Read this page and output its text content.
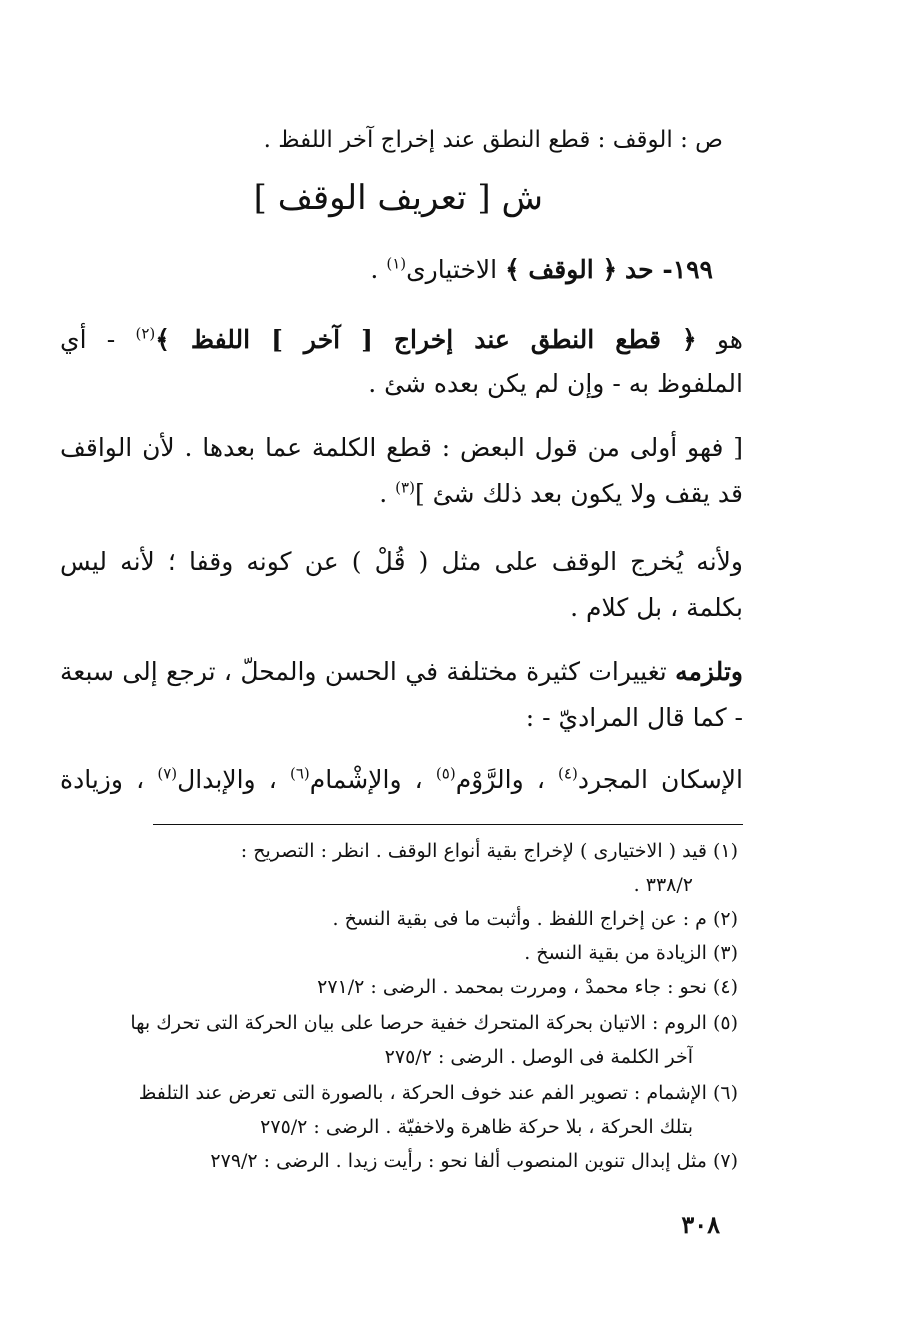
ص : الوقف : قطع النطق عند إخراج آخر اللفظ .
ش [ تعريف الوقف ]
١٩٩- حد ﴿ الوقف ﴾ الاختيارى$^{(١)}$ .
هو ﴿ قطع النطق عند إخراج [ آخر ] اللفظ ﴾$^{(٢)}$ - أي
الملفوظ به - وإن لم يكن بعده شئ .
[ فهو أولى من قول البعض : قطع الكلمة عما بعدها . لأن الواقف
قد يقف ولا يكون بعد ذلك شئ ]$^{(٣)}$ .
ولأنه يُخرج الوقف على مثل ( قُلْ ) عن كونه وقفا ؛ لأنه ليس
بكلمة ، بل كلام .
وتلزمه تغييرات كثيرة مختلفة في الحسن والمحلّ ، ترجع إلى سبعة
- كما قال المراديّ - :
الإسكان المجرد$^{(٤)}$ ، والرَّوْم$^{(٥)}$ ، والإشْمام$^{(٦)}$ ، والإبدال$^{(٧)}$ ، وزيادة
(١) قيد ( الاختيارى ) لإخراج بقية أنواع الوقف . انظر : التصريح :
٣٣٨/٢ .
(٢) م : عن إخراج اللفظ . وأثبت ما فى بقية النسخ .
(٣) الزيادة من بقية النسخ .
(٤) نحو : جاء محمدْ ، ومررت بمحمد . الرضى : ٢٧١/٢
(٥) الروم : الاتيان بحركة المتحرك خفية حرصا على بيان الحركة التى تحرك بها
آخر الكلمة فى الوصل . الرضى : ٢٧٥/٢
(٦) الإشمام : تصوير الفم عند خوف الحركة ، بالصورة التى تعرض عند التلفظ
بتلك الحركة ، بلا حركة ظاهرة ولاخفيّة . الرضى : ٢٧٥/٢
(٧) مثل إبدال تنوين المنصوب ألفا نحو : رأيت زيدا . الرضى : ٢٧٩/٢
٣٠٨
